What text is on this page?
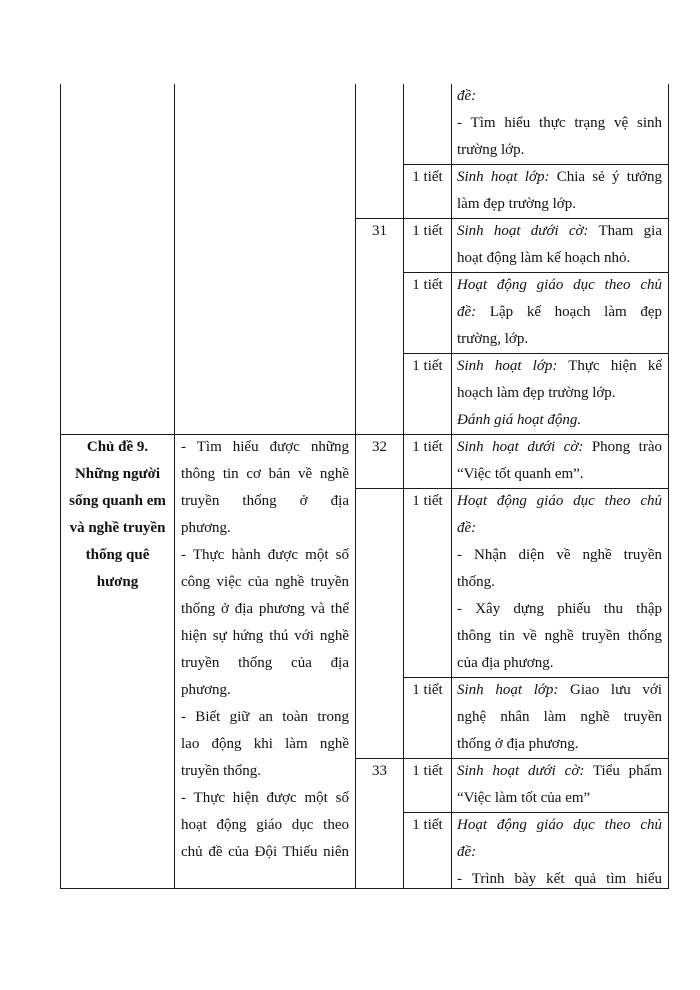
Chủ đề 9.
Những người
sống quanh em
và nghề truyền
thống quê
hương
- Tìm hiểu được những
thông tin cơ bản về nghề
truyền thống ở địa
phương.
- Thực hành được một số
công việc của nghề truyền
thống ở địa phương và thể
hiện sự hứng thú với nghề
truyền thống của địa
phương.
- Biết giữ an toàn trong
lao động khi làm nghề
truyền thống.
- Thực hiện được một số
hoạt động giáo dục theo
chủ đề của Đội Thiếu niên
31
32
33
1 tiết
1 tiết
1 tiết
1 tiết
1 tiết
1 tiết
1 tiết
1 tiết
1 tiết
đề:
- Tìm hiểu thực trạng vệ sinh
trường lớp.
Sinh hoạt lớp: Chia sẻ ý tưởng
làm đẹp trường lớp.
Sinh hoạt dưới cờ: Tham gia
hoạt động làm kế hoạch nhỏ.
Hoạt động giáo dục theo chủ
đề: Lập kế hoạch làm đẹp
trường, lớp.
Sinh hoạt lớp: Thực hiện kế
hoạch làm đẹp trường lớp.
Đánh giá hoạt động.
Sinh hoạt dưới cờ: Phong trào
“Việc tốt quanh em”.
Hoạt động giáo dục theo chủ
đề:
- Nhận diện về nghề truyền
thống.
- Xây dựng phiếu thu thập
thông tin về nghề truyền thống
của địa phương.
Sinh hoạt lớp: Giao lưu với
nghệ nhân làm nghề truyền
thống ở địa phương.
Sinh hoạt dưới cờ: Tiểu phẩm
“Việc làm tốt của em”
Hoạt động giáo dục theo chủ
đề:
- Trình bày kết quả tìm hiểu
